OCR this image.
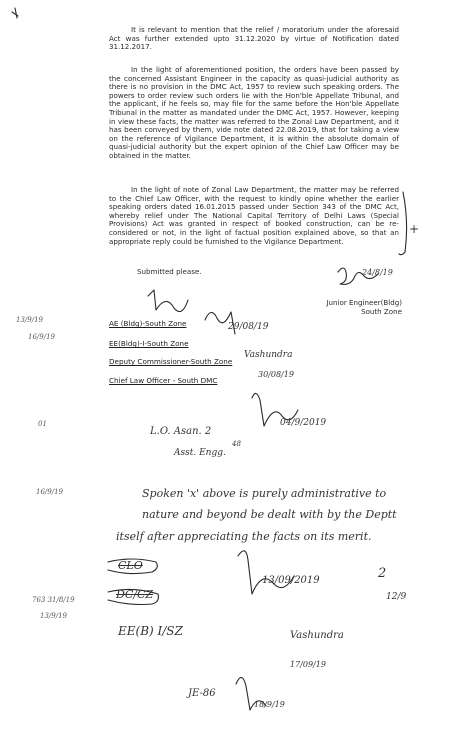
It is relevant to mention that the relief / moratorium under the aforesaid Act was further extended upto 31.12.2020 by virtue of Notification dated 31.12.2017.
In the light of aforementioned position, the orders have been passed by the concerned Assistant Engineer in the capacity as quasi-judicial authority as there is no provision in the DMC Act, 1957 to review such speaking orders. The powers to order review such orders lie with the Hon'ble Appellate Tribunal, and the applicant, if he feels so, may file for the same before the Hon'ble Appellate Tribunal in the matter as mandated under the DMC Act, 1957. However, keeping in view these facts, the matter was referred to the Zonal Law Department, and it has been conveyed by them, vide note dated 22.08.2019, that for taking a view on the reference of Vigilance Department, it is within the absolute domain of quasi-judicial authority but the expert opinion of the Chief Law Officer may be obtained in the matter.
In the light of note of Zonal Law Department, the matter may be referred to the Chief Law Officer, with the request to kindly opine whether the earlier speaking orders dated 16.01.2015 passed under Section 343 of the DMC Act, whereby relief under The National Capital Territory of Delhi Laws (Special Provisions) Act was granted in respect of booked construction, can be re-considered or not, in the light of factual position explained above, so that an appropriate reply could be furnished to the Vigilance Department.
Submitted please.
Junior Engineer(Bldg)
South Zone
AE (Bldg)-South Zone
EE(Bldg)-I-South Zone
Deputy Commissioner-South Zone
Chief Law Officer - South DMC
24/8/19
29/08/19
Vashundra
30/08/19
04/9/2019
L.O. Asan. 2
48
Asst. Engg.
Spoken 'x' above is purely administrative to
nature and beyond be dealt with by the Deptt
itself after appreciating the facts on its merit.
CLO
DC/CZ
13/09/2019	2
12/9
EE(B) I/SZ	Vashundra
17/09/19
JE-86
18/9/19
13/9/19
16/9/19
01
16/9/19
763 31/8/19
13/9/19
+
